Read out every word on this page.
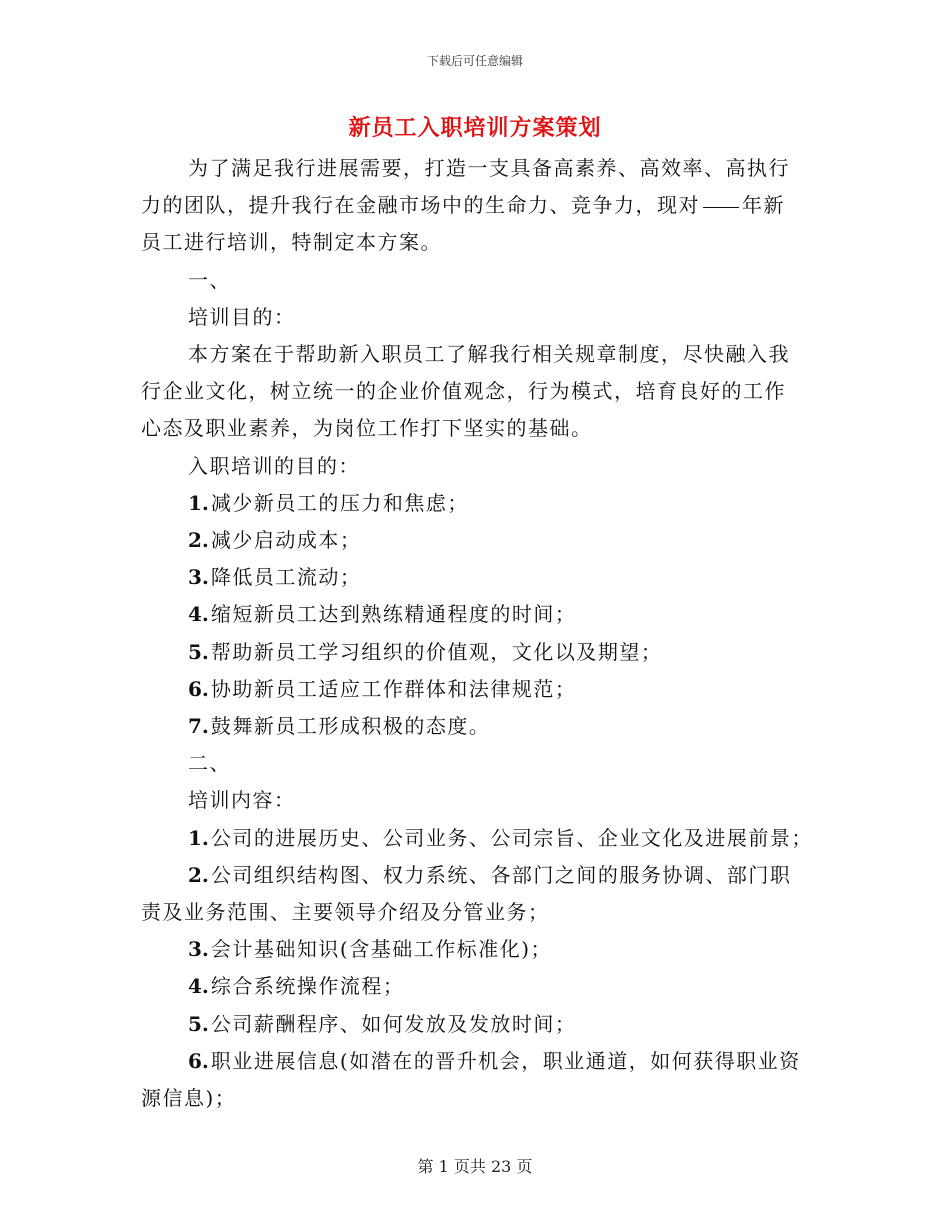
下载后可任意编辑
新员工入职培训方案策划

为了满足我行进展需要，打造一支具备高素养、高效率、高执行

力的团队，提升我行在金融市场中的生命力、竞争力，现对 年新

员工进行培训，特制定本方案。

一、

培训目的：

本方案在于帮助新入职员工了解我行相关规章制度，尽快融入我

行企业文化，树立统一的企业价值观念，行为模式，培育良好的工作

心态及职业素养，为岗位工作打下坚实的基础。

入职培训的目的：

1. 减少新员工的压力和焦虑；

2. 减少启动成本；

3. 降低员工流动；

4. 缩短新员工达到熟练精通程度的时间；

5. 帮助新员工学习组织的价值观，文化以及期望；

6. 协助新员工适应工作群体和法律规范；

7. 鼓舞新员工形成积极的态度。

二、

培训内容：

1. 公司的进展历史、公司业务、公司宗旨、企业文化及进展前景；

2. 公司组织结构图、权力系统、各部门之间的服务协调、部门职

责及业务范围、主要领导介绍及分管业务；

3. 会计基础知识(含基础工作标准化)；

4. 综合系统操作流程；

5. 公司薪酬程序、如何发放及发放时间；

6. 职业进展信息(如潜在的晋升机会，职业通道，如何获得职业资

源信息)；

第 1 页共 23 页
